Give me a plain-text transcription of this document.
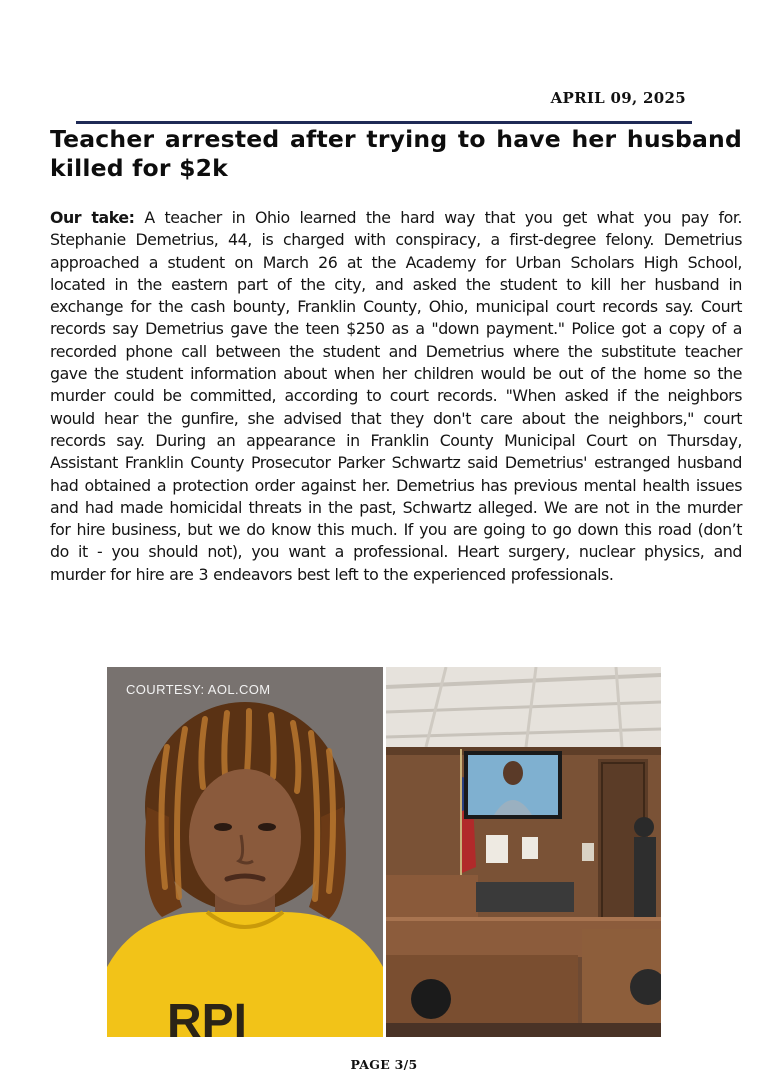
APRIL 09, 2025
Teacher arrested after trying to have her husband killed for $2k

Our take: A teacher in Ohio learned the hard way that you get what you pay for. Stephanie Demetrius, 44, is charged with conspiracy, a first-degree felony. Demetrius approached a student on March 26 at the Academy for Urban Scholars High School, located in the eastern part of the city, and asked the student to kill her husband in exchange for the cash bounty, Franklin County, Ohio, municipal court records say. Court records say Demetrius gave the teen $250 as a "down payment." Police got a copy of a recorded phone call between the student and Demetrius where the substitute teacher gave the student information about when her children would be out of the home so the murder could be committed, according to court records. "When asked if the neighbors would hear the gunfire, she advised that they don't care about the neighbors," court records say. During an appearance in Franklin County Municipal Court on Thursday, Assistant Franklin County Prosecutor Parker Schwartz said Demetrius' estranged husband had obtained a protection order against her. Demetrius has previous mental health issues and had made homicidal threats in the past, Schwartz alleged. We are not in the murder for hire business, but we do know this much. If you are going to go down this road (don’t do it - you should not), you want a professional. Heart surgery, nuclear physics, and murder for hire are 3 endeavors best left to the experienced professionals.

RPI
COURTESY: AOL.COM
PAGE 3/5
